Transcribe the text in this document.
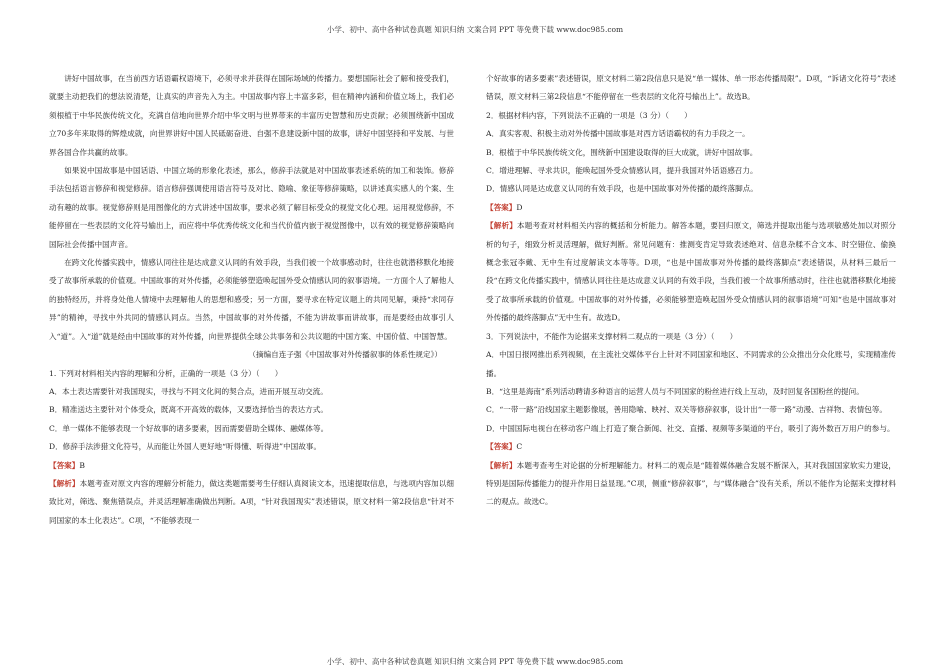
小学、初中、高中各种试卷真题 知识归纳 文案合同 PPT 等免费下载 www.doc985.com

讲好中国故事，在当前西方话语霸权语境下，必须寻求并获得在国际场域的传播力。要想国际社会了解和接受我们，就要主动把我们的想法说清楚，让真实的声音先入为主。中国故事内容上丰富多彩，但在精神内涵和价值立场上，我们必须根植于中华民族传统文化，充满自信地向世界介绍中华文明与世界带来的丰富历史智慧和历史贡献；必须围绕新中国成立70多年来取得的辉煌成就，向世界讲好中国人民砥砺奋进、自强不息建设新中国的故事，讲好中国坚持和平发展、与世界各国合作共赢的故事。

如果说中国故事是中国话语、中国立场的形象化表述，那么，修辞手法就是对中国故事表述系统的加工和装饰。修辞手法包括语言修辞和视觉修辞。语言修辞强调使用语言符号及对比、隐喻、象征等修辞策略，以讲述真实感人的个案、生动有趣的故事。视觉修辞则是用图像化的方式讲述中国故事，要求必须了解目标受众的视觉文化心理。运用视觉修辞，不能停留在一些表层的文化符号输出上，而应将中华优秀传统文化和当代价值内嵌于视觉图像中，以有效的视觉修辞策略向国际社会传播中国声音。

在跨文化传播实践中，情感认同往往是达成意义认同的有效手段，当我们被一个故事感动时，往往也就潜移默化地接受了故事所承载的价值观。中国故事的对外传播，必须能够塑造唤起国外受众情感认同的叙事语境。一方面个人了解他人的独特经历，并将身处他人情境中去理解他人的思想和感受；另一方面，要寻求在特定议题上的共同见解，秉持“求同存异”的精神，寻找中外共同的情感认同点。当然，中国故事的对外传播，不能为讲故事而讲故事，而是要经由故事引人入“道”。入“道”就是经由中国故事的对外传播，向世界提供全球公共事务和公共议题的中国方案、中国价值、中国智慧。

（摘编自连子强《中国故事对外传播叙事的体系性规定》）

1. 下列对材料相关内容的理解和分析，正确的一项是（3 分）（　　）

A．本土表达需要针对我国现实，寻找与不同文化间的契合点，进而开展互动交流。

B．精准送达主要针对个体受众，既离不开高效的载体，又要选择恰当的表达方式。

C．单一媒体不能够表现一个好故事的诸多要素，因而需要借助全媒体、融媒体等。

D．修辞手法涉猎文化符号，从而能让外国人更好地“听得懂、听得进”中国故事。

【答案】B

【解析】本题考查对原文内容的理解分析能力，做这类题需要考生仔细认真阅读文本，迅速提取信息，与选项内容加以细致比对，筛选、聚焦错误点，并灵活理解准确做出判断。A项，“针对我国现实”表述错误，原文材料一第2段信息“针对不同国家的本土化表达”。C项，“不能够表现一

个好故事的诸多要素”表述错误，原文材料二第2段信息只是说“单一媒体、单一形态传播局限”。D项，“诉诸文化符号”表述错误，原文材料三第2段信息“不能停留在一些表层的文化符号输出上”。故选B。

2．根据材料内容，下列说法不正确的一项是（3 分）（　　）

A．真实客观、积极主动对外传播中国故事是对西方话语霸权的有力手段之一。

B．根植于中华民族传统文化，围绕新中国建设取得的巨大成就，讲好中国故事。

C．增进理解、寻求共识，能唤起国外受众情感认同，提升我国对外话语感召力。

D．情感认同是达成意义认同的有效手段，也是中国故事对外传播的最终落脚点。

【答案】D

【解析】本题考查对材料相关内容的概括和分析能力。解答本题，要回归原文，筛选并提取出能与选项敏感处加以对照分析的句子，细致分析灵活理解，做好判断。常见问题有：推测变肯定导致表述绝对、信息杂糅不合文本、时空错位、偷换概念张冠李戴、无中生有过度解读文本等等。D项，“也是中国故事对外传播的最终落脚点”表述错误，从材料三最后一段“在跨文化传播实践中，情感认同往往是达成意义认同的有效手段，当我们被一个故事所感动时，往往也就潜移默化地接受了故事所承载的价值观。中国故事的对外传播，必须能够塑造唤起国外受众情感认同的叙事语境”可知“也是中国故事对外传播的最终落脚点”无中生有。故选D。

3．下列说法中，不能作为论据来支撑材料二观点的一项是（3 分）（　　）

A．中国日报网推出系列视频，在主流社交媒体平台上针对不同国家和地区、不同需求的公众推出分众化账号，实现精准传播。

B．“这里是海南”系列活动聘请多种语言的运营人员与不同国家的粉丝进行线上互动，及时回复各国粉丝的提问。

C．“一带一路”沿线国家主题影像展，善用隐喻、映衬、双关等修辞叙事，设计出“一带一路”动漫、吉祥物、表情包等。

D．中国国际电视台在移动客户端上打造了聚合新闻、社交、直播、视频等多渠道的平台，吸引了海外数百万用户的参与。

【答案】C

【解析】本题考查考生对论据的分析理解能力。材料二的观点是“随着媒体融合发展不断深入，其对我国国家软实力建设，特别是国际传播能力的提升作用日益显现。”C项，侧重“修辞叙事”，与“媒体融合”没有关系，所以不能作为论据来支撑材料二的观点。故选C。

小学、初中、高中各种试卷真题 知识归纳 文案合同 PPT 等免费下载 www.doc985.com
